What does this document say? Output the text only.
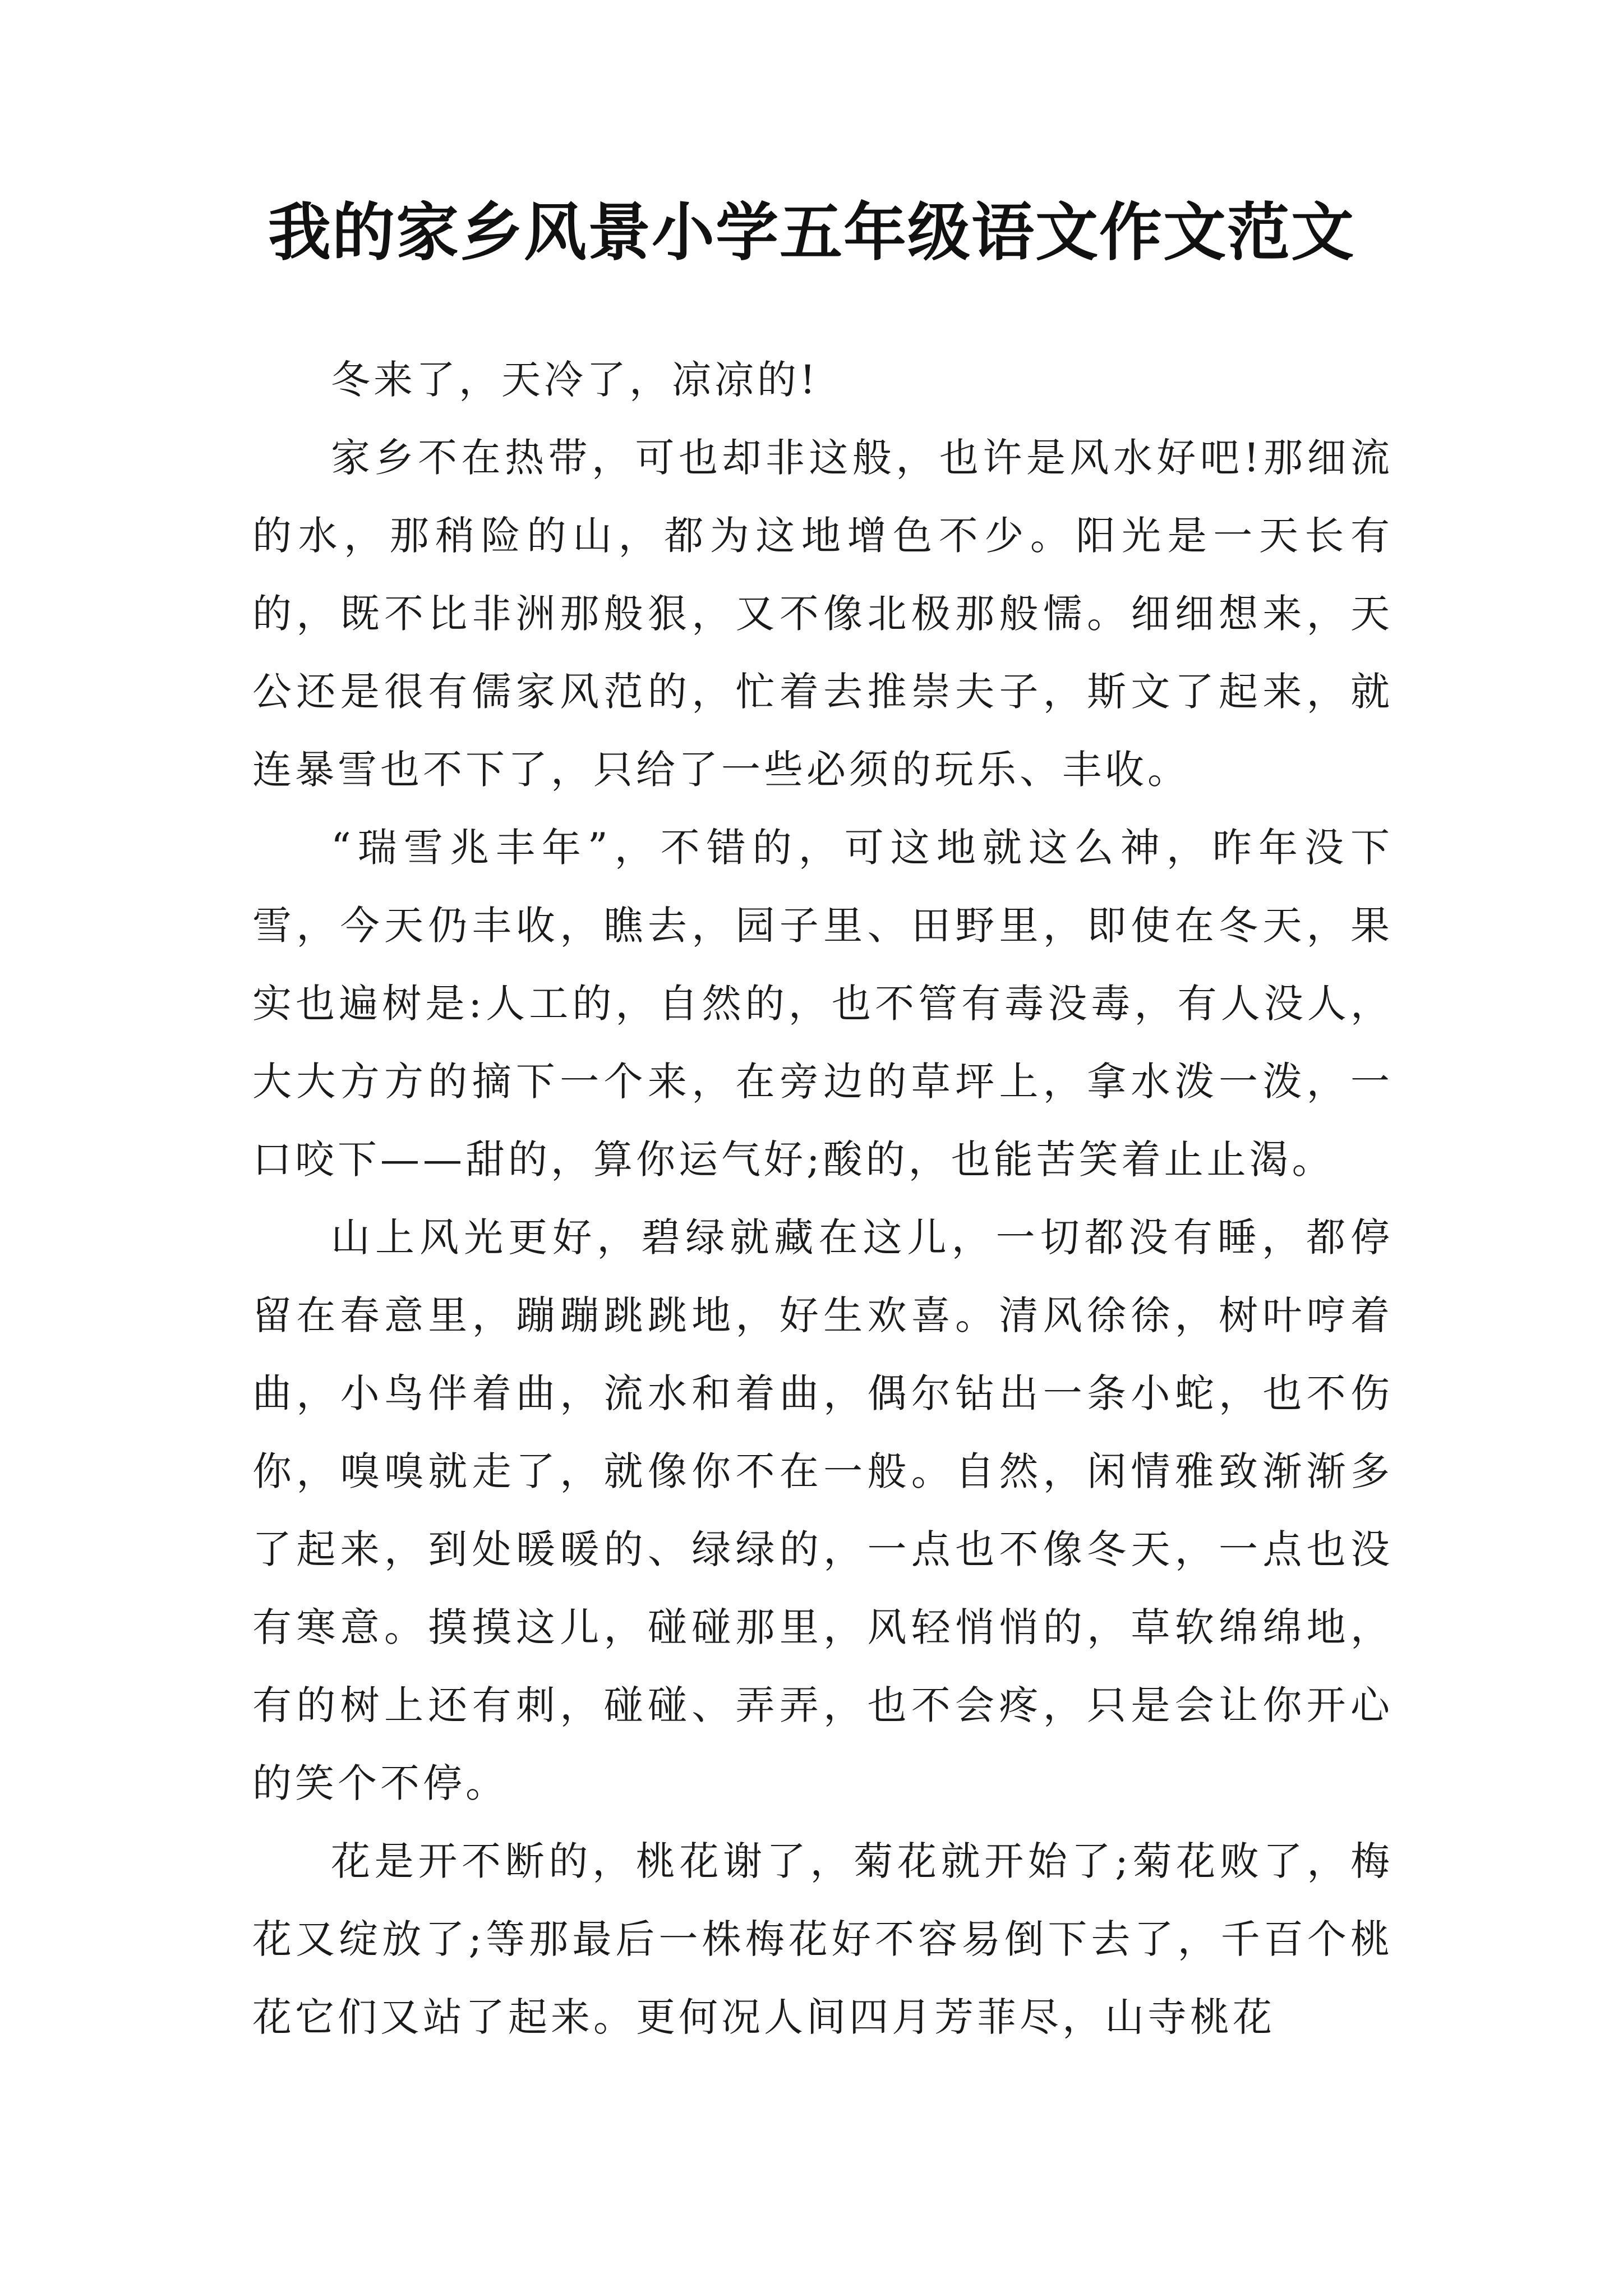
我的家乡风景小学五年级语文作文范文

冬来了，天冷了，凉凉的!

家乡不在热带，可也却非这般，也许是风水好吧!那细流的水，那稍险的山，都为这地增色不少。阳光是一天长有的，既不比非洲那般狠，又不像北极那般懦。细细想来，天公还是很有儒家风范的，忙着去推崇夫子，斯文了起来，就连暴雪也不下了，只给了一些必须的玩乐、丰收。

“瑞雪兆丰年”，不错的，可这地就这么神，昨年没下雪，今天仍丰收，瞧去，园子里、田野里，即使在冬天，果实也遍树是:人工的，自然的，也不管有毒没毒，有人没人，大大方方的摘下一个来，在旁边的草坪上，拿水泼一泼，一口咬下——甜的，算你运气好;酸的，也能苦笑着止止渴。

山上风光更好，碧绿就藏在这儿，一切都没有睡，都停留在春意里，蹦蹦跳跳地，好生欢喜。清风徐徐，树叶哼着曲，小鸟伴着曲，流水和着曲，偶尔钻出一条小蛇，也不伤你，嗅嗅就走了，就像你不在一般。自然，闲情雅致渐渐多了起来，到处暖暖的、绿绿的，一点也不像冬天，一点也没有寒意。摸摸这儿，碰碰那里，风轻悄悄的，草软绵绵地，有的树上还有刺，碰碰、弄弄，也不会疼，只是会让你开心的笑个不停。

花是开不断的，桃花谢了，菊花就开始了;菊花败了，梅花又绽放了;等那最后一株梅花好不容易倒下去了，千百个桃花它们又站了起来。更何况人间四月芳菲尽，山寺桃花
